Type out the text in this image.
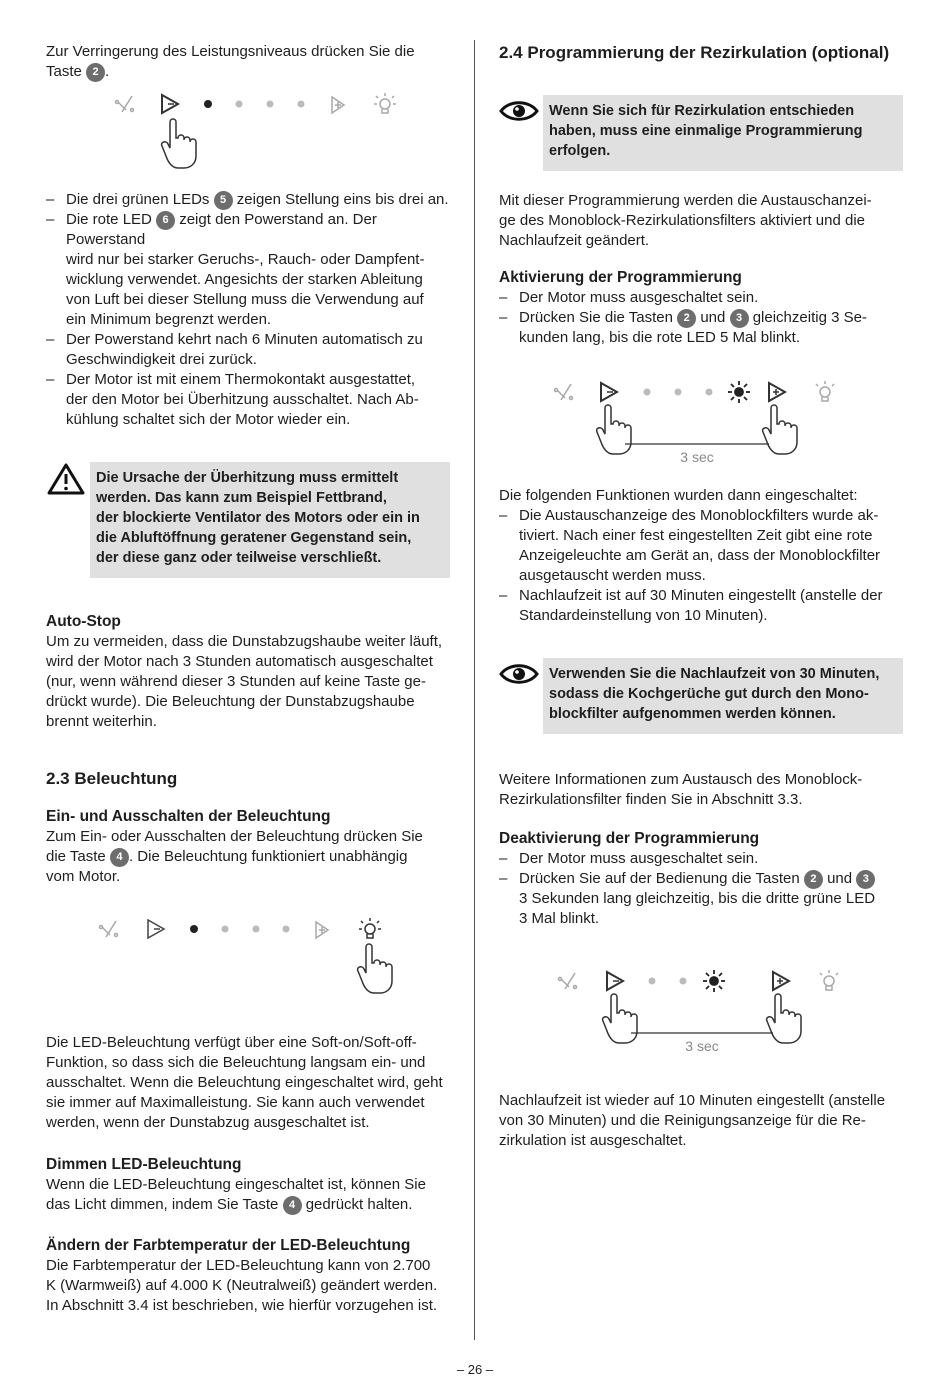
Zur Verringerung des Leistungsniveaus drücken Sie die
Taste 2 .

– Die drei grünen LEDs 5 zeigen Stellung eins bis drei an.
– Die rote LED 6 zeigt den Powerstand an. Der Powerstand
wird nur bei starker Geruchs-, Rauch- oder Dampfent-
wicklung verwendet. Angesichts der starken Ableitung
von Luft bei dieser Stellung muss die Verwendung auf
ein Minimum begrenzt werden.
– Der Powerstand kehrt nach 6 Minuten automatisch zu
Geschwindigkeit drei zurück.
– Der Motor ist mit einem Thermokontakt ausgestattet,
der den Motor bei Überhitzung ausschaltet. Nach Ab-
kühlung schaltet sich der Motor wieder ein.
Die Ursache der Überhitzung muss ermittelt
werden. Das kann zum Beispiel Fettbrand,
der blockierte Ventilator des Motors oder ein in
die Abluftöffnung geratener Gegenstand sein,
der diese ganz oder teilweise verschließt.

Auto-Stop

Um zu vermeiden, dass die Dunstabzugshaube weiter läuft,
wird der Motor nach 3 Stunden automatisch ausgeschaltet
(nur, wenn während dieser 3 Stunden auf keine Taste ge-
drückt wurde). Die Beleuchtung der Dunstabzugshaube
brennt weiterhin.

2.3 Beleuchtung

Ein- und Ausschalten der Beleuchtung

Zum Ein- oder Ausschalten der Beleuchtung drücken Sie
die Taste 4 . Die Beleuchtung funktioniert unabhängig
vom Motor.

Die LED-Beleuchtung verfügt über eine Soft-on/Soft-off-
Funktion, so dass sich die Beleuchtung langsam ein- und
ausschaltet. Wenn die Beleuchtung eingeschaltet wird, geht
sie immer auf Maximalleistung. Sie kann auch verwendet
werden, wenn der Dunstabzug ausgeschaltet ist.

Dimmen LED-Beleuchtung

Wenn die LED-Beleuchtung eingeschaltet ist, können Sie
das Licht dimmen, indem Sie Taste 4 gedrückt halten.

Ändern der Farbtemperatur der LED-Beleuchtung

Die Farbtemperatur der LED-Beleuchtung kann von 2.700
K (Warmweiß) auf 4.000 K (Neutralweiß) geändert werden.
In Abschnitt 3.4 ist beschrieben, wie hierfür vorzugehen ist.

2.4 Programmierung der Rezirkulation (optional)

Wenn Sie sich für Rezirkulation entschieden
haben, muss eine einmalige Programmierung
erfolgen.

Mit dieser Programmierung werden die Austauschanzei-
ge des Monoblock-Rezirkulationsfilters aktiviert und die
Nachlaufzeit geändert.

Aktivierung der Programmierung

– Der Motor muss ausgeschaltet sein.
– Drücken Sie die Tasten 2 und 3 gleichzeitig 3 Se-
kunden lang, bis die rote LED 5 Mal blinkt.
3 sec

Die folgenden Funktionen wurden dann eingeschaltet:

– Die Austauschanzeige des Monoblockfilters wurde ak-
tiviert. Nach einer fest eingestellten Zeit gibt eine rote
Anzeigeleuchte am Gerät an, dass der Monoblockfilter
ausgetauscht werden muss.
– Nachlaufzeit ist auf 30 Minuten eingestellt (anstelle der
Standardeinstellung von 10 Minuten).
Verwenden Sie die Nachlaufzeit von 30 Minuten,
sodass die Kochgerüche gut durch den Mono-
blockfilter aufgenommen werden können.

Weitere Informationen zum Austausch des Monoblock-
Rezirkulationsfilter finden Sie in Abschnitt 3.3.

Deaktivierung der Programmierung

– Der Motor muss ausgeschaltet sein.
– Drücken Sie auf der Bedienung die Tasten 2 und 3
3 Sekunden lang gleichzeitig, bis die dritte grüne LED
3 Mal blinkt.
3 sec

Nachlaufzeit ist wieder auf 10 Minuten eingestellt (anstelle
von 30 Minuten) und die Reinigungsanzeige für die Re-
zirkulation ist ausgeschaltet.

– 26 –
